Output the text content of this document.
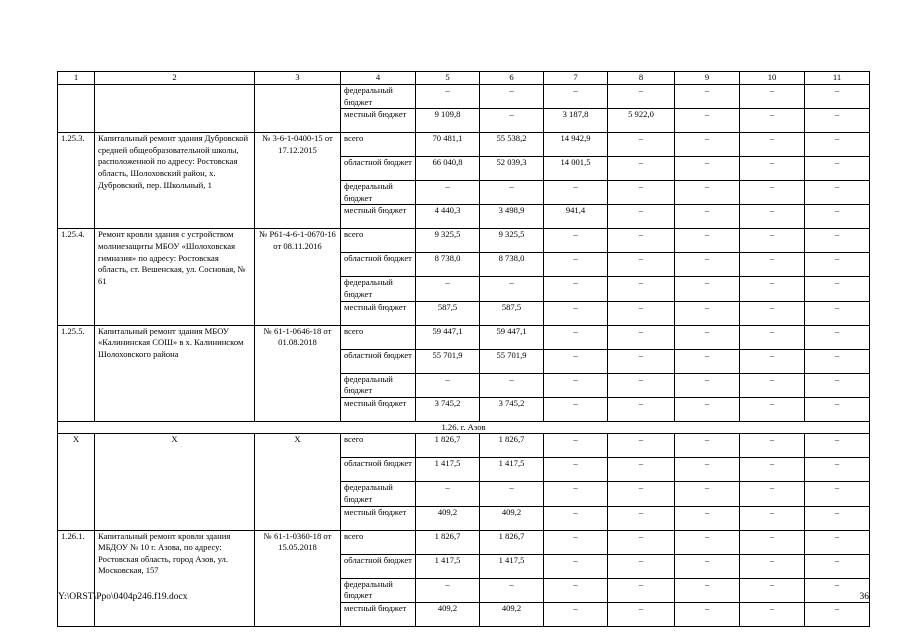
1	2	3	4	5	6	7	8	9	10	11
			федеральный бюджет	–	–	–	–	–	–	–
			местный бюджет	9 109,8	–	3 187,8	5 922,0	–	–	–
1.25.3.	Капитальный ремонт здания Дубровской средней общеобразовательной школы, расположенной по адресу: Ростовская область, Шолоховский район, х. Дубровский, пер. Школьный, 1	№ 3-6-1-0400-15 от 17.12.2015	всего	70 481,1	55 538,2	14 942,9	–	–	–	–
			областной бюджет	66 040,8	52 039,3	14 001,5	–	–	–	–
			федеральный бюджет	–	–	–	–	–	–	–
			местный бюджет	4 440,3	3 498,9	941,4	–	–	–	–
1.25.4.	Ремонт кровли здания с устройством молниезащиты МБОУ «Шолоховская гимназия» по адресу: Ростовская область, ст. Вешенская, ул. Сосновая, № 61	№ Р61-4-6-1-0670-16 от 08.11.2016	всего	9 325,5	9 325,5	–	–	–	–	–
			областной бюджет	8 738,0	8 738,0	–	–	–	–	–
			федеральный бюджет	–	–	–	–	–	–	–
			местный бюджет	587,5	587,5	–	–	–	–	–
1.25.5.	Капитальный ремонт здания МБОУ «Калининская СОШ» в х. Калининском Шолоховского района	№ 61-1-0646-18 от 01.08.2018	всего	59 447,1	59 447,1	–	–	–	–	–
			областной бюджет	55 701,9	55 701,9	–	–	–	–	–
			федеральный бюджет	–	–	–	–	–	–	–
			местный бюджет	3 745,2	3 745,2	–	–	–	–	–
1.26. г. Азов										
Х	Х	Х	всего	1 826,7	1 826,7	–	–	–	–	–
			областной бюджет	1 417,5	1 417,5	–	–	–	–	–
			федеральный бюджет	–	–	–	–	–	–	–
			местный бюджет	409,2	409,2	–	–	–	–	–
1.26.1.	Капитальный ремонт кровли здания МБДОУ № 10 г. Азова, по адресу: Ростовская область, город Азов, ул. Московская, 157	№ 61-1-0360-18 от 15.05.2018	всего	1 826,7	1 826,7	–	–	–	–	–
			областной бюджет	1 417,5	1 417,5	–	–	–	–	–
			федеральный бюджет	–	–	–	–	–	–	–
			местный бюджет	409,2	409,2	–	–	–	–	–
Y:\ORST\Ppo\0404p246.f19.docx	36
